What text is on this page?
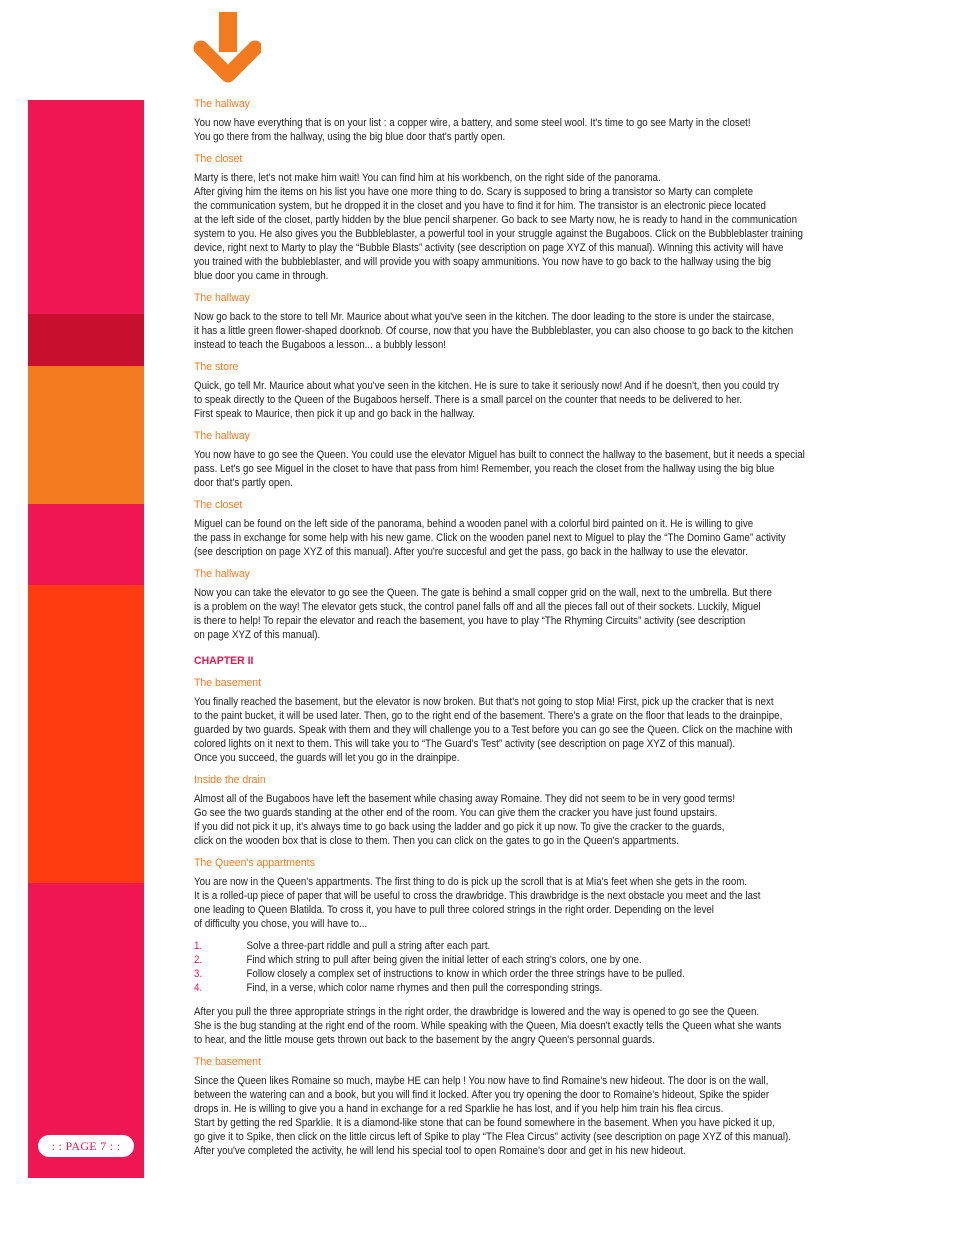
: : PAGE 7 : :
The hallway
You now have everything that is on your list : a copper wire, a battery, and some steel wool. It's time to go see Marty in the closet!
You go there from the hallway, using the big blue door that's partly open.
The closet
Marty is there, let's not make him wait! You can find him at his workbench, on the right side of the panorama.
After giving him the items on his list you have one more thing to do. Scary is supposed to bring a transistor so Marty can complete
the communication system, but he dropped it in the closet and you have to find it for him. The transistor is an electronic piece located
at the left side of the closet, partly hidden by the blue pencil sharpener. Go back to see Marty now, he is ready to hand in the communication
system to you. He also gives you the Bubbleblaster, a powerful tool in your struggle against the Bugaboos. Click on the Bubbleblaster training
device, right next to Marty to play the “Bubble Blasts” activity (see description on page XYZ of this manual). Winning this activity will have
you trained with the bubbleblaster, and will provide you with soapy ammunitions. You now have to go back to the hallway using the big
blue door you came in through.
The hallway
Now go back to the store to tell Mr. Maurice about what you've seen in the kitchen. The door leading to the store is under the staircase,
it has a little green flower-shaped doorknob. Of course, now that you have the Bubbleblaster, you can also choose to go back to the kitchen
instead to teach the Bugaboos a lesson... a bubbly lesson!
The store
Quick, go tell Mr. Maurice about what you've seen in the kitchen. He is sure to take it seriously now! And if he doesn't, then you could try
to speak directly to the Queen of the Bugaboos herself. There is a small parcel on the counter that needs to be delivered to her.
First speak to Maurice, then pick it up and go back in the hallway.
The hallway
You now have to go see the Queen. You could use the elevator Miguel has built to connect the hallway to the basement, but it needs a special
pass. Let's go see Miguel in the closet to have that pass from him! Remember, you reach the closet from the hallway using the big blue
door that's partly open.
The closet
Miguel can be found on the left side of the panorama, behind a wooden panel with a colorful bird painted on it. He is willing to give
the pass in exchange for some help with his new game. Click on the wooden panel next to Miguel to play the “The Domino Game” activity
(see description on page XYZ of this manual). After you're succesful and get the pass, go back in the hallway to use the elevator.
The hallway
Now you can take the elevator to go see the Queen. The gate is behind a small copper grid on the wall, next to the umbrella. But there
is a problem on the way! The elevator gets stuck, the control panel falls off and all the pieces fall out of their sockets. Luckily, Miguel
is there to help! To repair the elevator and reach the basement, you have to play “The Rhyming Circuits” activity (see description
on page XYZ of this manual).
CHAPTER II
The basement
You finally reached the basement, but the elevator is now broken. But that's not going to stop Mia! First, pick up the cracker that is next
to the paint bucket, it will be used later. Then, go to the right end of the basement. There's a grate on the floor that leads to the drainpipe,
guarded by two guards. Speak with them and they will challenge you to a Test before you can go see the Queen. Click on the machine with
colored lights on it next to them. This will take you to “The Guard's Test” activity (see description on page XYZ of this manual).
Once you succeed, the guards will let you go in the drainpipe.
Inside the drain
Almost all of the Bugaboos have left the basement while chasing away Romaine. They did not seem to be in very good terms!
Go see the two guards standing at the other end of the room. You can give them the cracker you have just found upstairs.
If you did not pick it up, it's always time to go back using the ladder and go pick it up now. To give the cracker to the guards,
click on the wooden box that is close to them. Then you can click on the gates to go in the Queen's appartments.
The Queen's appartments
You are now in the Queen's appartments. The first thing to do is pick up the scroll that is at Mia's feet when she gets in the room.
It is a rolled-up piece of paper that will be useful to cross the drawbridge. This drawbridge is the next obstacle you meet and the last
one leading to Queen Blatilda. To cross it, you have to pull three colored strings in the right order. Depending on the level
of difficulty you chose, you will have to...
1.	Solve a three-part riddle and pull a string after each part.
2.	Find which string to pull after being given the initial letter of each string's colors, one by one.
3.	Follow closely a complex set of instructions to know in which order the three strings have to be pulled.
4.	Find, in a verse, which color name rhymes and then pull the corresponding strings.
After you pull the three appropriate strings in the right order, the drawbridge is lowered and the way is opened to go see the Queen.
She is the bug standing at the right end of the room. While speaking with the Queen, Mia doesn't exactly tells the Queen what she wants
to hear, and the little mouse gets thrown out back to the basement by the angry Queen's personnal guards.
The basement
Since the Queen likes Romaine so much, maybe HE can help ! You now have to find Romaine's new hideout. The door is on the wall,
between the watering can and a book, but you will find it locked. After you try opening the door to Romaine's hideout, Spike the spider
drops in. He is willing to give you a hand in exchange for a red Sparklie he has lost, and if you help him train his flea circus.
Start by getting the red Sparklie. It is a diamond-like stone that can be found somewhere in the basement. When you have picked it up,
go give it to Spike, then click on the little circus left of Spike to play “The Flea Circus” activity (see description on page XYZ of this manual).
After you've completed the activity, he will lend his special tool to open Romaine's door and get in his new hideout.
